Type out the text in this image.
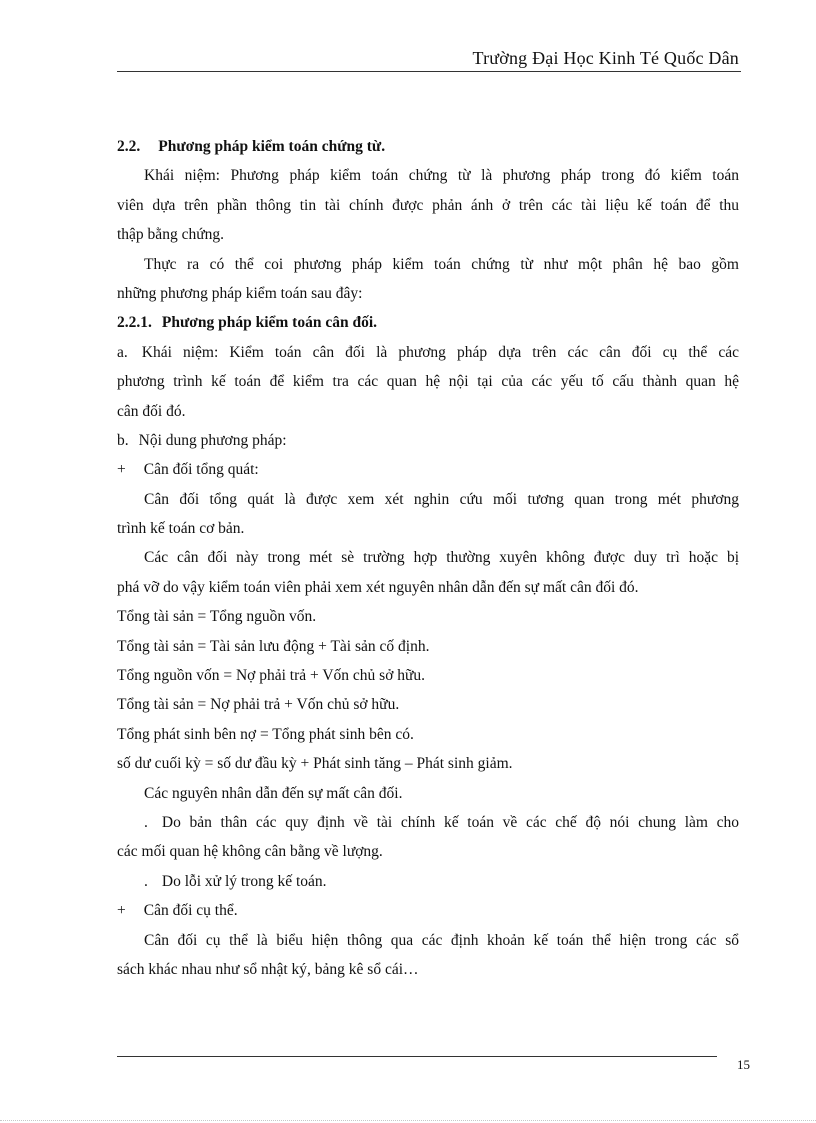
Trường Đại Học Kinh Té Quốc Dân
2.2. Phương pháp kiểm toán chứng từ.
Khái niệm: Phương pháp kiểm toán chứng từ là phương pháp trong đó kiểm toán
viên dựa trên phần thông tin tài chính được phản ánh ở trên các tài liệu kế toán để thu
thập bằng chứng.
Thực ra có thể coi phương pháp kiểm toán chứng từ như một phân hệ bao gồm
những phương pháp kiểm toán sau đây:
2.2.1. Phương pháp kiểm toán cân đối.
a. Khái niệm: Kiểm toán cân đối là phương pháp dựa trên các cân đối cụ thể các
phương trình kế toán để kiểm tra các quan hệ nội tại của các yếu tố cấu thành quan hệ
cân đối đó.
b. Nội dung phương pháp:
+ Cân đối tổng quát:
Cân đối tổng quát là được xem xét nghin cứu mối tương quan trong mét phương
trình kế toán cơ bản.
Các cân đối này trong mét sè trường hợp thường xuyên không được duy trì hoặc bị
phá vỡ do vậy kiểm toán viên phải xem xét nguyên nhân dẫn đến sự mất cân đối đó.
Tổng tài sản = Tổng nguồn vốn.
Tổng tài sản = Tài sản lưu động + Tài sản cố định.
Tổng nguồn vốn = Nợ phải trả + Vốn chủ sở hữu.
Tổng tài sản = Nợ phải trả + Vốn chủ sở hữu.
Tổng phát sinh bên nợ = Tổng phát sinh bên có.
số dư cuối kỳ = số dư đầu kỳ + Phát sinh tăng – Phát sinh giảm.
Các nguyên nhân dẫn đến sự mất cân đối.
. Do bản thân các quy định về tài chính kế toán về các chế độ nói chung làm cho
các mối quan hệ không cân bằng về lượng.
. Do lỗi xử lý trong kế toán.
+ Cân đối cụ thể.
Cân đối cụ thể là biểu hiện thông qua các định khoản kế toán thể hiện trong các sổ
sách khác nhau như sổ nhật ký, bảng kê sổ cái…
15
